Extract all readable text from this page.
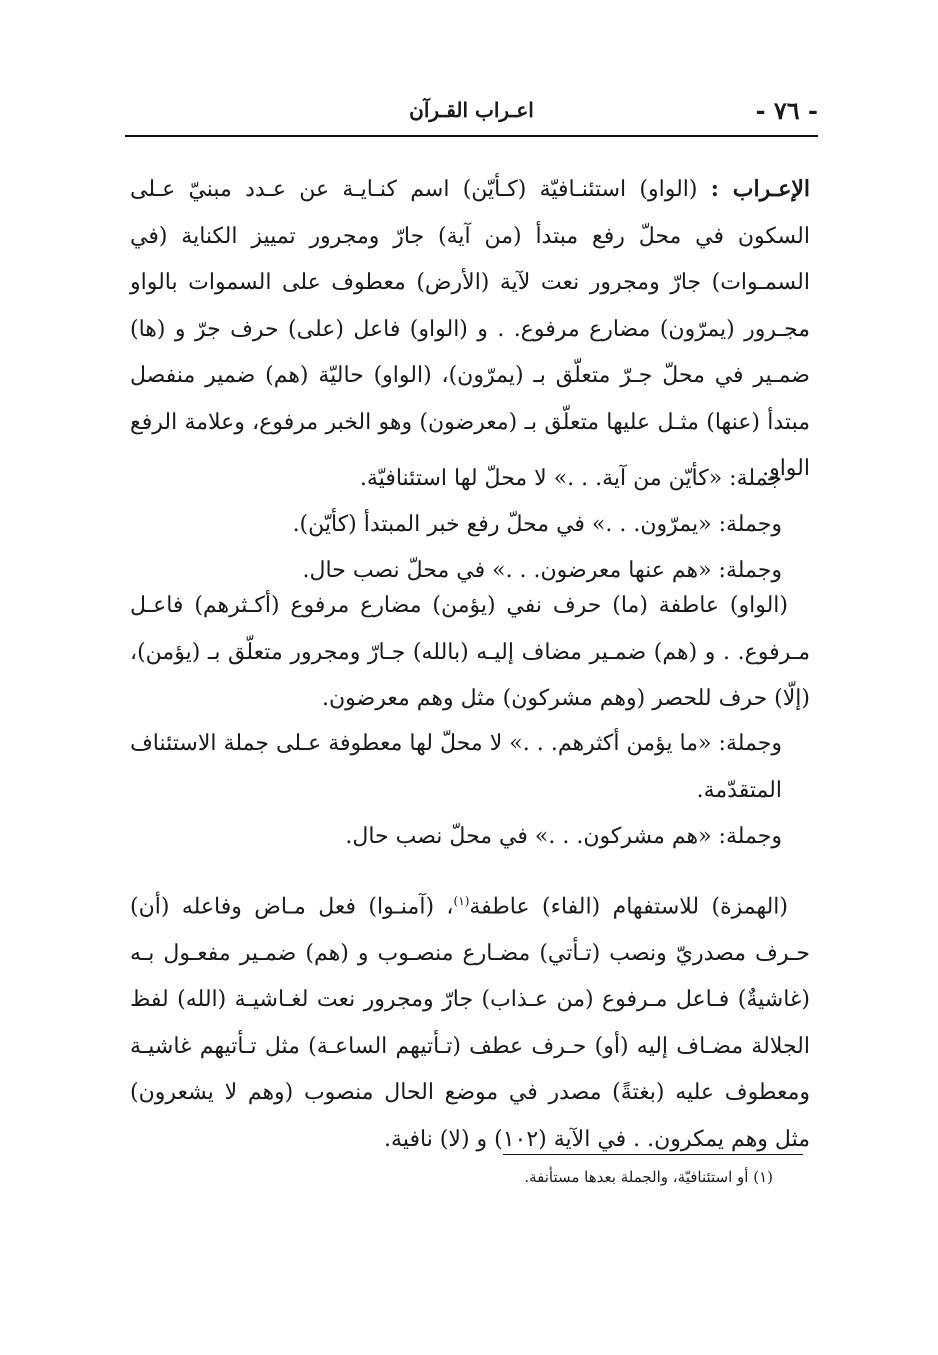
- ٧٦ -
اعـراب القـرآن

الإعـراب : (الواو) استئنـافيّة (كـأيّن) اسم كنـايـة عن عـدد مبنيّ عـلى السكون في محلّ رفع مبتدأ (من آية) جارّ ومجرور تمييز الكناية (في السمـوات) جارّ ومجرور نعت لآية (الأرض) معطوف على السموات بالواو مجـرور (يمرّون) مضارع مرفوع. . و (الواو) فاعل (على) حرف جرّ و (ها) ضمـير في محلّ جـرّ متعلّق بـ (يمرّون)، (الواو) حاليّة (هم) ضمير منفصل مبتدأ (عنها) مثـل عليها متعلّق بـ (معرضون) وهو الخبر مرفوع، وعلامة الرفع الواو.

جملة: «كأيّن من آية. . .» لا محلّ لها استئنافيّة.

وجملة: «يمرّون. . .» في محلّ رفع خبر المبتدأ (كأيّن).

وجملة: «هم عنها معرضون. . .» في محلّ نصب حال.

(الواو) عاطفة (ما) حرف نفي (يؤمن) مضارع مرفوع (أكـثرهم) فاعـل مـرفوع. . و (هم) ضمـير مضاف إليـه (بالله) جـارّ ومجرور متعلّق بـ (يؤمن)، (إلّا) حرف للحصر (وهم مشركون) مثل وهم معرضون.

وجملة: «ما يؤمن أكثرهم. . .» لا محلّ لها معطوفة عـلى جملة الاستئناف المتقدّمة.

وجملة: «هم مشركون. . .» في محلّ نصب حال.

(الهمزة) للاستفهام (الفاء) عاطفة$^{(١)}$، (آمنـوا) فعل مـاض وفاعله (أن) حـرف مصدريّ ونصب (تـأتي) مضـارع منصـوب و (هم) ضمـير مفعـول بـه (غاشيةٌ) فـاعل مـرفوع (من عـذاب) جارّ ومجرور نعت لغـاشيـة (الله) لفظ الجلالة مضـاف إليه (أو) حـرف عطف (تـأتيهم الساعـة) مثل تـأتيهم غاشيـة ومعطوف عليه (بغتةً) مصدر في موضع الحال منصوب (وهم لا يشعرون) مثل وهم يمكرون. . في الآية (١٠٢) و (لا) نافية.

(١) أو استئنافيّة، والجملة بعدها مستأنفة.
